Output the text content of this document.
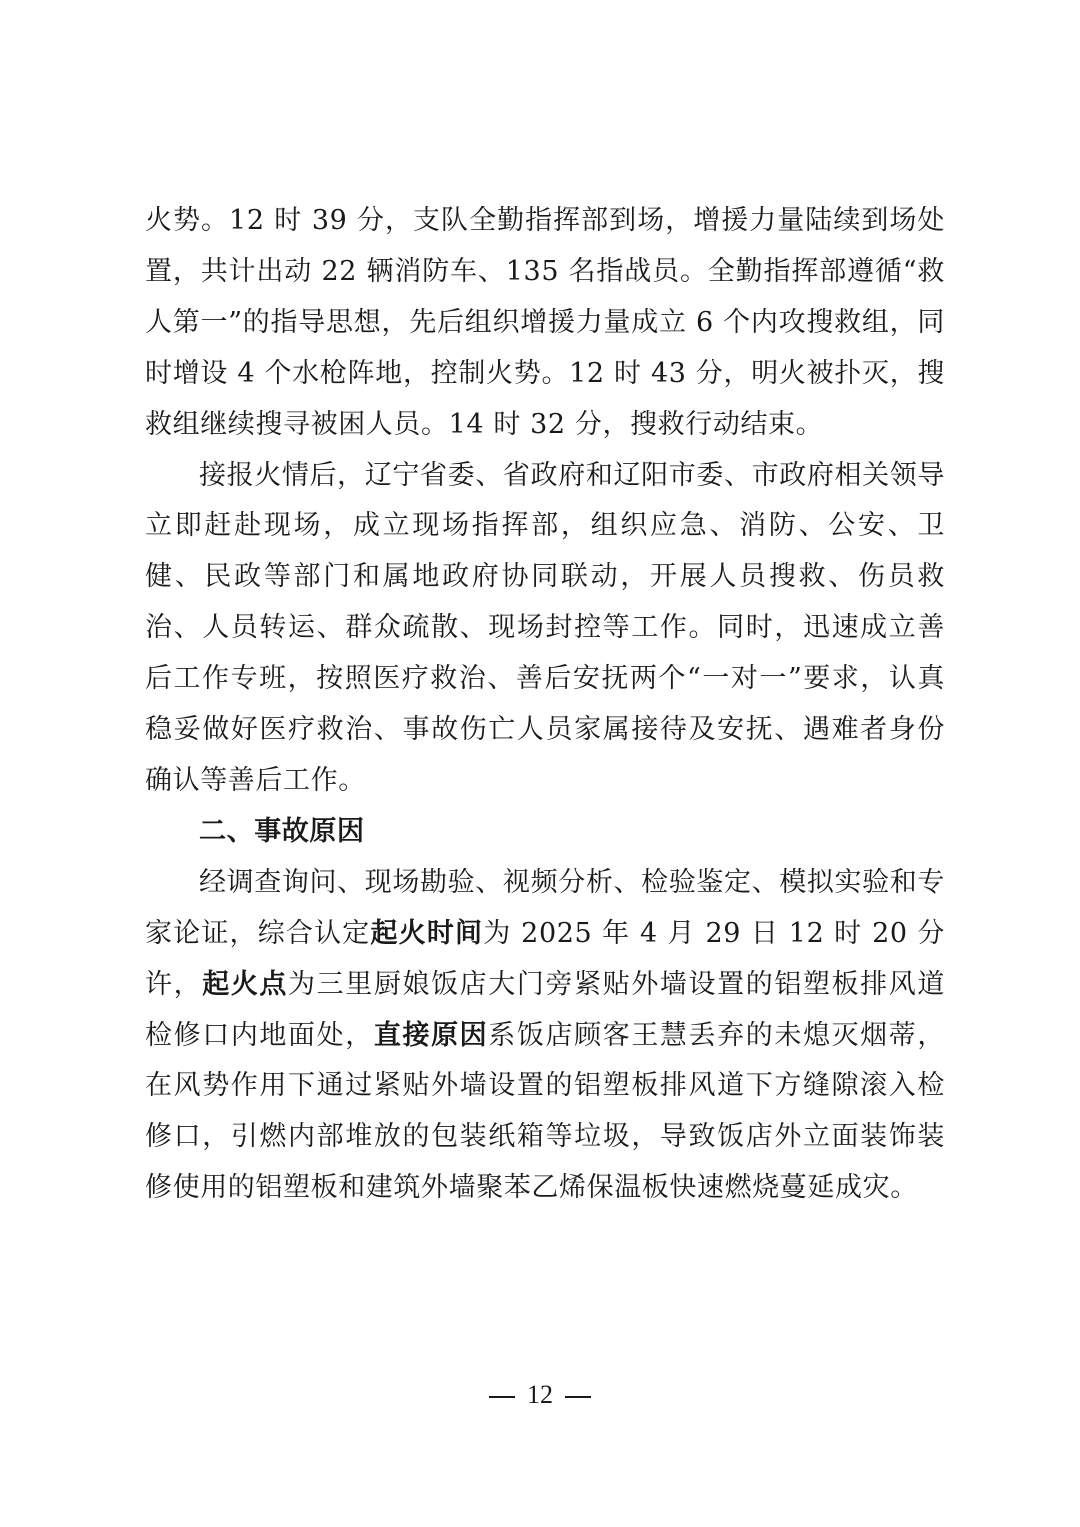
火势。12 时 39 分，支队全勤指挥部到场，增援力量陆续到场处置，共计出动 22 辆消防车、135 名指战员。全勤指挥部遵循“救人第一”的指导思想，先后组织增援力量成立 6 个内攻搜救组，同时增设 4 个水枪阵地，控制火势。12 时 43 分，明火被扑灭，搜救组继续搜寻被困人员。14 时 32 分，搜救行动结束。

接报火情后，辽宁省委、省政府和辽阳市委、市政府相关领导立即赶赴现场，成立现场指挥部，组织应急、消防、公安、卫健、民政等部门和属地政府协同联动，开展人员搜救、伤员救治、人员转运、群众疏散、现场封控等工作。同时，迅速成立善后工作专班，按照医疗救治、善后安抚两个“一对一”要求，认真稳妥做好医疗救治、事故伤亡人员家属接待及安抚、遇难者身份确认等善后工作。

二、事故原因

经调查询问、现场勘验、视频分析、检验鉴定、模拟实验和专家论证，综合认定起火时间为 2025 年 4 月 29 日 12 时 20 分许，起火点为三里厨娘饭店大门旁紧贴外墙设置的铝塑板排风道检修口内地面处，直接原因系饭店顾客王慧丢弃的未熄灭烟蒂，在风势作用下通过紧贴外墙设置的铝塑板排风道下方缝隙滚入检修口，引燃内部堆放的包装纸箱等垃圾，导致饭店外立面装饰装修使用的铝塑板和建筑外墙聚苯乙烯保温板快速燃烧蔓延成灾。

12
